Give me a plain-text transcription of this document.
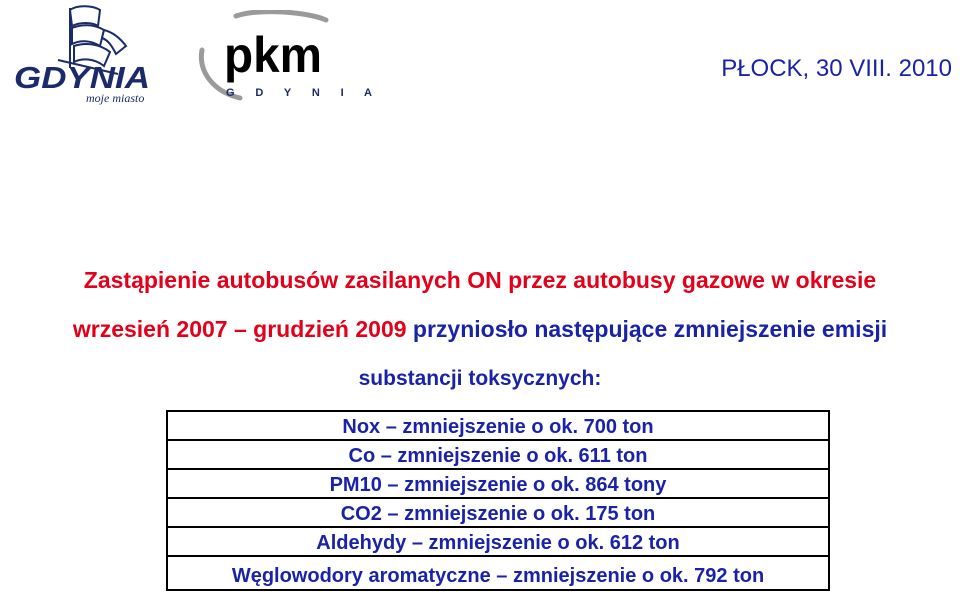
GDYNIA
moje miasto
pkm
G D Y N I A
PŁOCK, 30 VIII. 2010
Zastąpienie autobusów zasilanych ON przez autobusy gazowe w okresie
wrzesień 2007 – grudzień 2009 przyniosło następujące zmniejszenie emisji
substancji toksycznych:
Nox – zmniejszenie o ok. 700 ton
Co – zmniejszenie o ok. 611 ton
PM10 – zmniejszenie o ok. 864 tony
CO2 – zmniejszenie o ok. 175 ton
Aldehydy – zmniejszenie o ok. 612 ton
Węglowodory aromatyczne – zmniejszenie o ok. 792 ton
